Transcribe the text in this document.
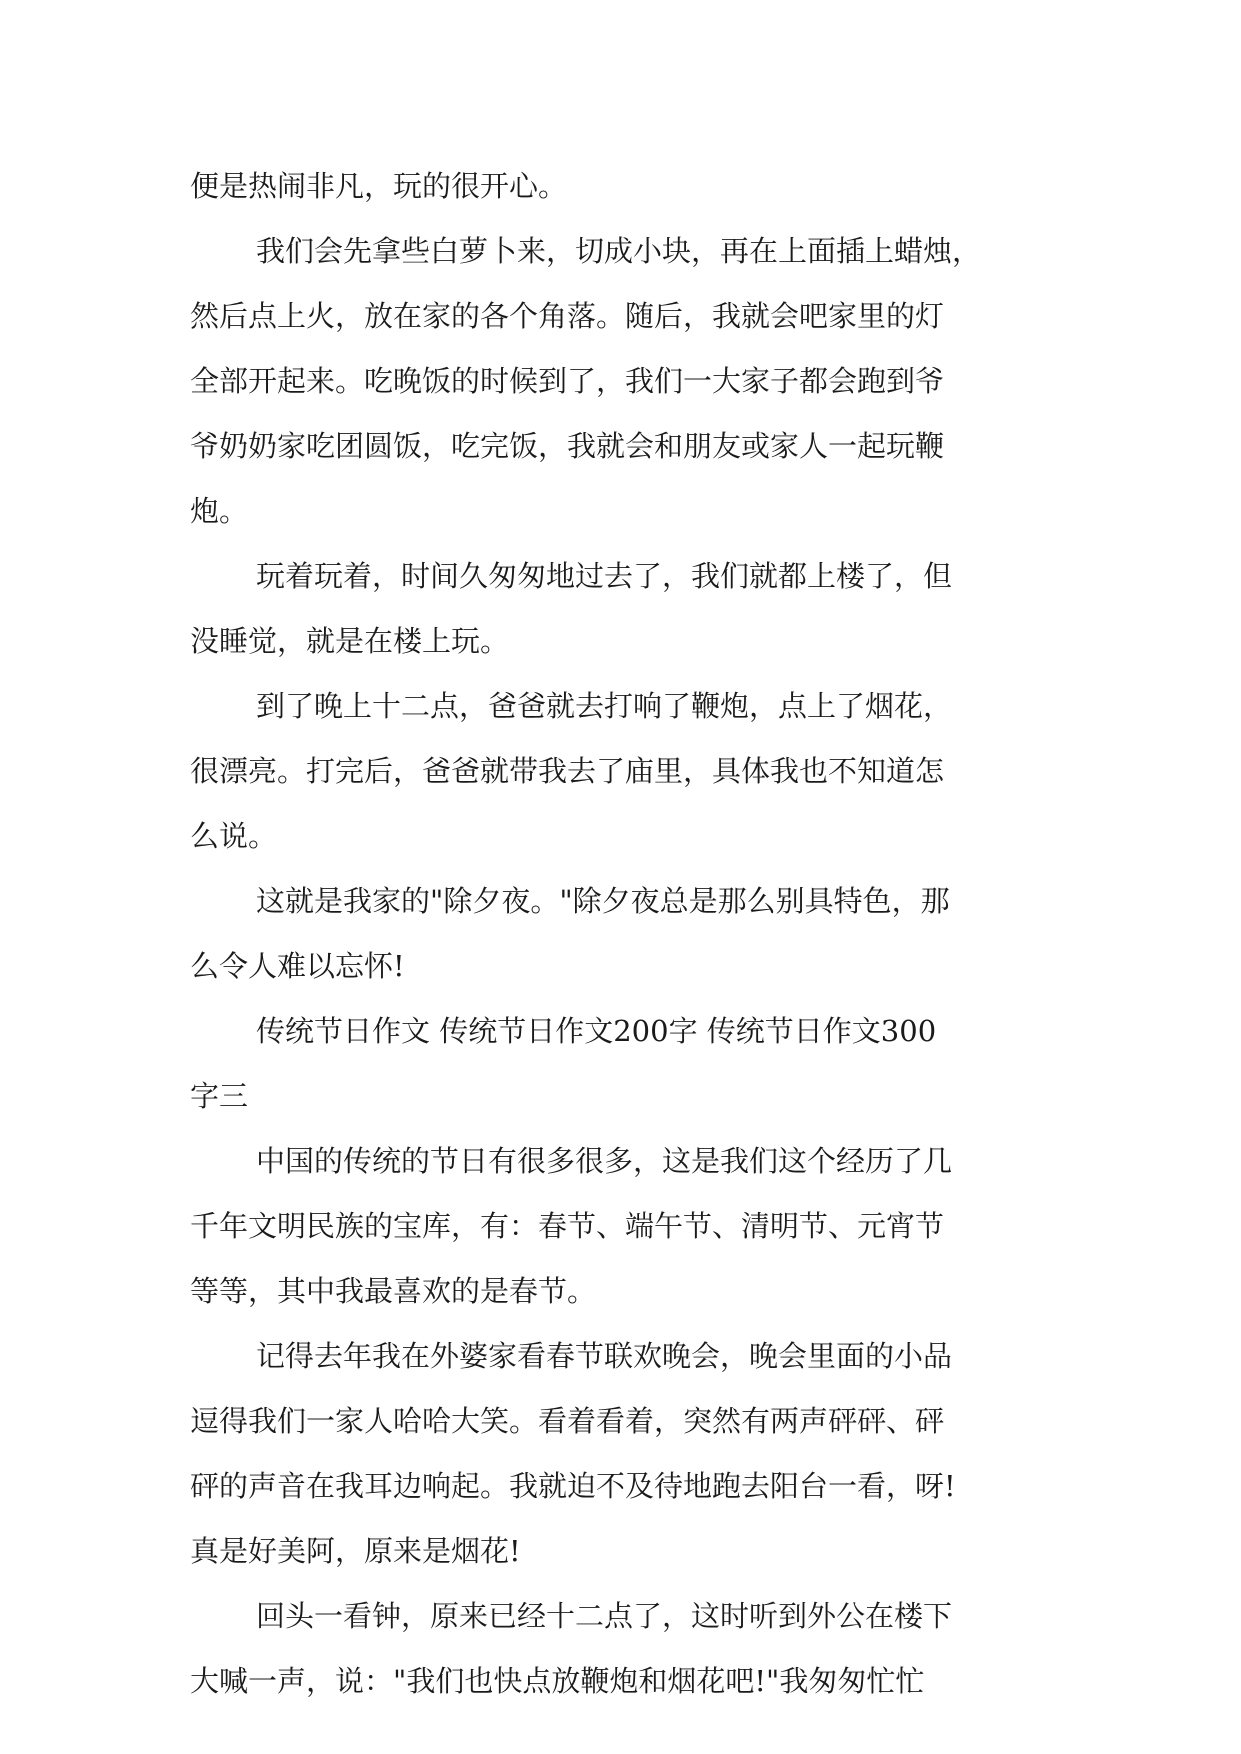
便是热闹非凡，玩的很开心。
我们会先拿些白萝卜来，切成小块，再在上面插上蜡烛，
然后点上火，放在家的各个角落。随后，我就会吧家里的灯
全部开起来。吃晚饭的时候到了，我们一大家子都会跑到爷
爷奶奶家吃团圆饭，吃完饭，我就会和朋友或家人一起玩鞭
炮。
玩着玩着，时间久匆匆地过去了，我们就都上楼了，但
没睡觉，就是在楼上玩。
到了晚上十二点，爸爸就去打响了鞭炮，点上了烟花，
很漂亮。打完后，爸爸就带我去了庙里，具体我也不知道怎
么说。
这就是我家的"除夕夜。"除夕夜总是那么别具特色，那
么令人难以忘怀!
传统节日作文 传统节日作文200字 传统节日作文300
字三
中国的传统的节日有很多很多，这是我们这个经历了几
千年文明民族的宝库，有：春节、端午节、清明节、元宵节
等等，其中我最喜欢的是春节。
记得去年我在外婆家看春节联欢晚会，晚会里面的小品
逗得我们一家人哈哈大笑。看着看着，突然有两声砰砰、砰
砰的声音在我耳边响起。我就迫不及待地跑去阳台一看，呀!
真是好美阿，原来是烟花!
回头一看钟，原来已经十二点了，这时听到外公在楼下
大喊一声，说："我们也快点放鞭炮和烟花吧!"我匆匆忙忙
